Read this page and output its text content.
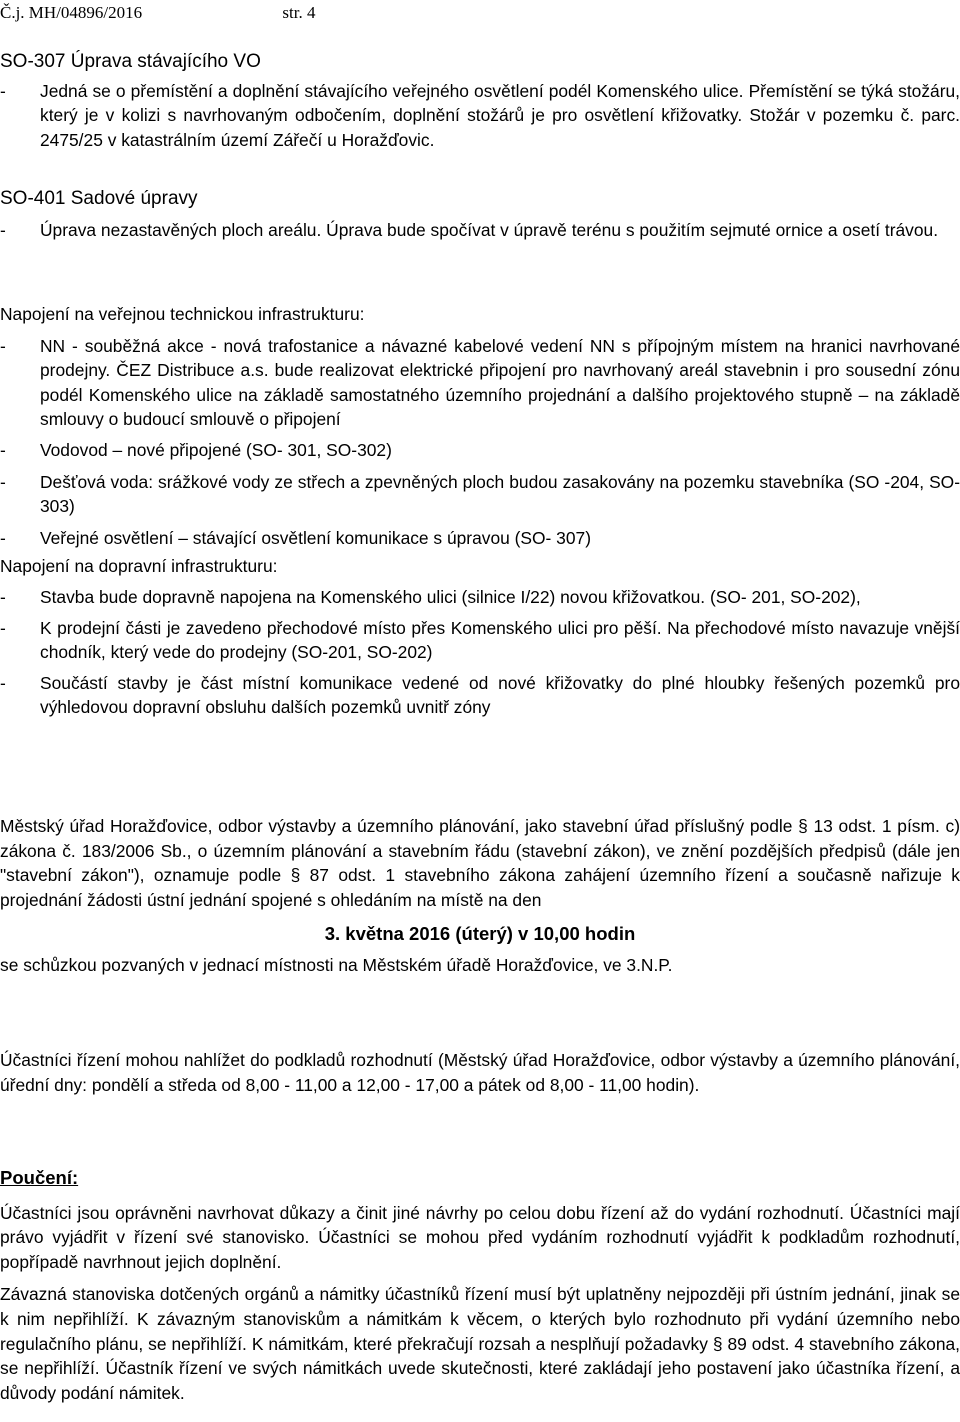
Č.j. MH/04896/2016	str. 4

SO-307 Úprava stávajícího VO

-	Jedná se o přemístění a doplnění stávajícího veřejného osvětlení podél Komenského ulice. Přemístění se týká stožáru, který je v kolizi s navrhovaným odbočením, doplnění stožárů je pro osvětlení křižovatky. Stožár v pozemku č. parc. 2475/25 v katastrálním území Zářečí u Horažďovic.

SO-401 Sadové úpravy

-	Úprava nezastavěných ploch areálu. Úprava bude spočívat v úpravě terénu s použitím sejmuté ornice a osetí trávou.

Napojení na veřejnou technickou infrastrukturu:

-	NN - souběžná akce - nová trafostanice a návazné kabelové vedení NN s přípojným místem na hranici navrhované prodejny. ČEZ Distribuce a.s. bude realizovat elektrické připojení pro navrhovaný areál stavebnin i pro sousední zónu podél Komenského ulice na základě samostatného územního projednání a dalšího projektového stupně – na základě smlouvy o budoucí smlouvě o připojení
-	Vodovod – nové připojené (SO- 301, SO-302)
-	Dešťová voda: srážkové vody ze střech a zpevněných ploch budou zasakovány na pozemku stavebníka (SO -204, SO-303)
-	Veřejné osvětlení – stávající osvětlení komunikace s úpravou (SO- 307)

Napojení na dopravní infrastrukturu:

-	Stavba bude dopravně napojena na Komenského ulici (silnice I/22) novou křižovatkou. (SO- 201, SO-202),
-	K prodejní části je zavedeno přechodové místo přes Komenského ulici pro pěší. Na přechodové místo navazuje vnější chodník, který vede do prodejny (SO-201, SO-202)
-	Součástí stavby je část místní komunikace vedené od nové křižovatky do plné hloubky řešených pozemků pro výhledovou dopravní obsluhu dalších pozemků uvnitř zóny

Městský úřad Horažďovice, odbor výstavby a územního plánování, jako stavební úřad příslušný podle § 13 odst. 1 písm. c) zákona č. 183/2006 Sb., o územním plánování a stavebním řádu (stavební zákon), ve znění pozdějších předpisů (dále jen "stavební zákon"), oznamuje podle § 87 odst. 1 stavebního zákona zahájení územního řízení a současně nařizuje k projednání žádosti ústní jednání spojené s ohledáním na místě na den

3. května 2016 (úterý) v 10,00 hodin

se schůzkou pozvaných v jednací místnosti na Městském úřadě Horažďovice, ve 3.N.P.

Účastníci řízení mohou nahlížet do podkladů rozhodnutí (Městský úřad Horažďovice, odbor výstavby a územního plánování, úřední dny: pondělí a středa od 8,00 - 11,00 a 12,00 - 17,00 a pátek od 8,00 - 11,00 hodin).

Poučení:

Účastníci jsou oprávněni navrhovat důkazy a činit jiné návrhy po celou dobu řízení až do vydání rozhodnutí. Účastníci mají právo vyjádřit v řízení své stanovisko. Účastníci se mohou před vydáním rozhodnutí vyjádřit k podkladům rozhodnutí, popřípadě navrhnout jejich doplnění.

Závazná stanoviska dotčených orgánů a námitky účastníků řízení musí být uplatněny nejpozději při ústním jednání, jinak se k nim nepřihlíží. K závazným stanoviskům a námitkám k věcem, o kterých bylo rozhodnuto při vydání územního nebo regulačního plánu, se nepřihlíží. K námitkám, které překračují rozsah a nesplňují požadavky § 89 odst. 4 stavebního zákona, se nepřihlíží. Účastník řízení ve svých námitkách uvede skutečnosti, které zakládají jeho postavení jako účastníka řízení, a důvody podání námitek.
